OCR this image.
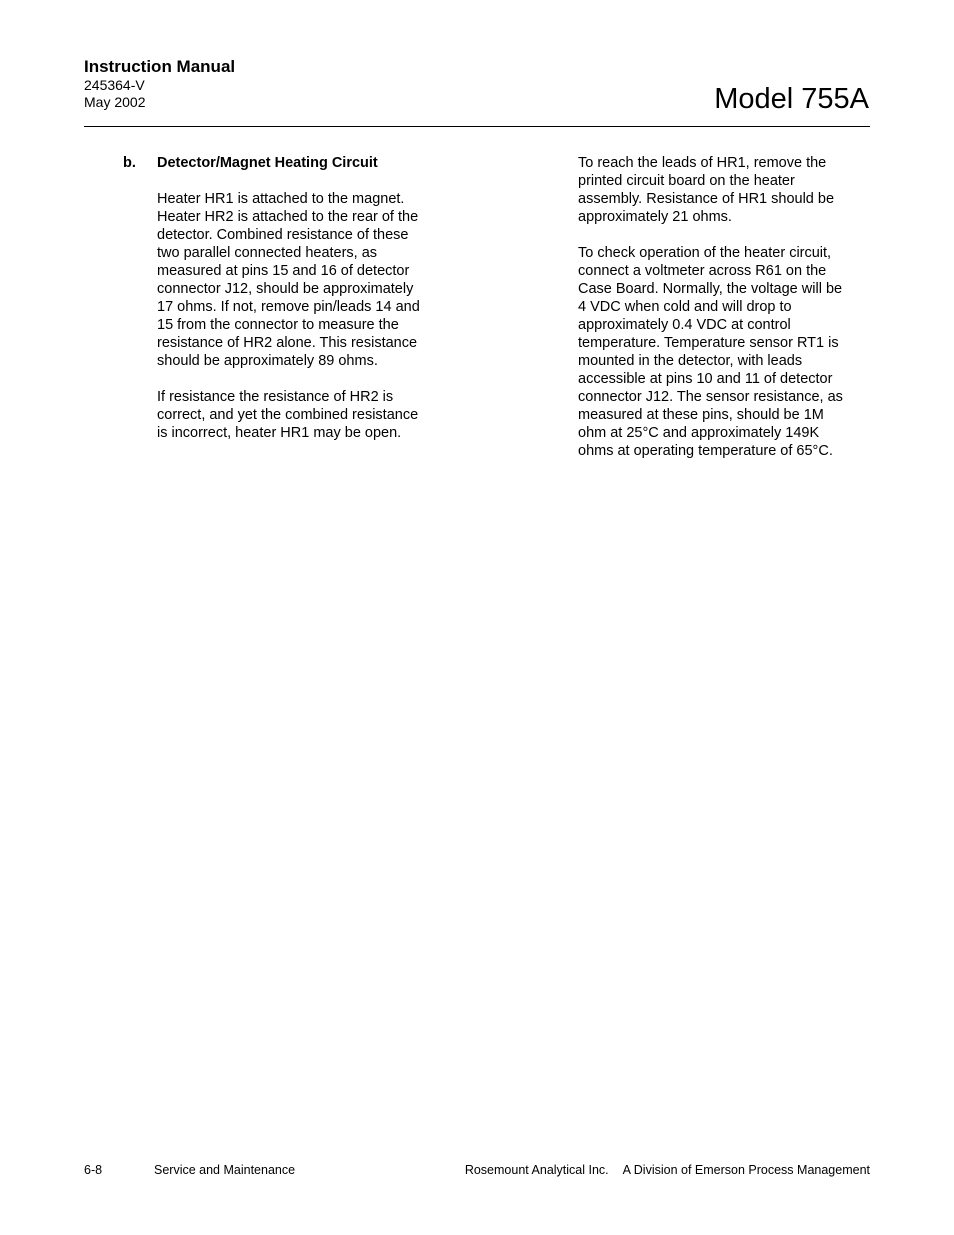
Instruction Manual
245364-V
May 2002	Model 755A
b. Detector/Magnet Heating Circuit

Heater HR1 is attached to the magnet.
Heater HR2 is attached to the rear of the
detector. Combined resistance of these
two parallel connected heaters, as
measured at pins 15 and 16 of detector
connector J12, should be approximately
17 ohms. If not, remove pin/leads 14 and
15 from the connector to measure the
resistance of HR2 alone. This resistance
should be approximately 89 ohms.

If resistance the resistance of HR2 is
correct, and yet the combined resistance
is incorrect, heater HR1 may be open.

To reach the leads of HR1, remove the
printed circuit board on the heater
assembly. Resistance of HR1 should be
approximately 21 ohms.

To check operation of the heater circuit,
connect a voltmeter across R61 on the
Case Board. Normally, the voltage will be
4 VDC when cold and will drop to
approximately 0.4 VDC at control
temperature. Temperature sensor RT1 is
mounted in the detector, with leads
accessible at pins 10 and 11 of detector
connector J12. The sensor resistance, as
measured at these pins, should be 1M
ohm at 25°C and approximately 149K
ohms at operating temperature of 65°C.

6-8	Service and Maintenance	Rosemount Analytical Inc. A Division of Emerson Process Management
